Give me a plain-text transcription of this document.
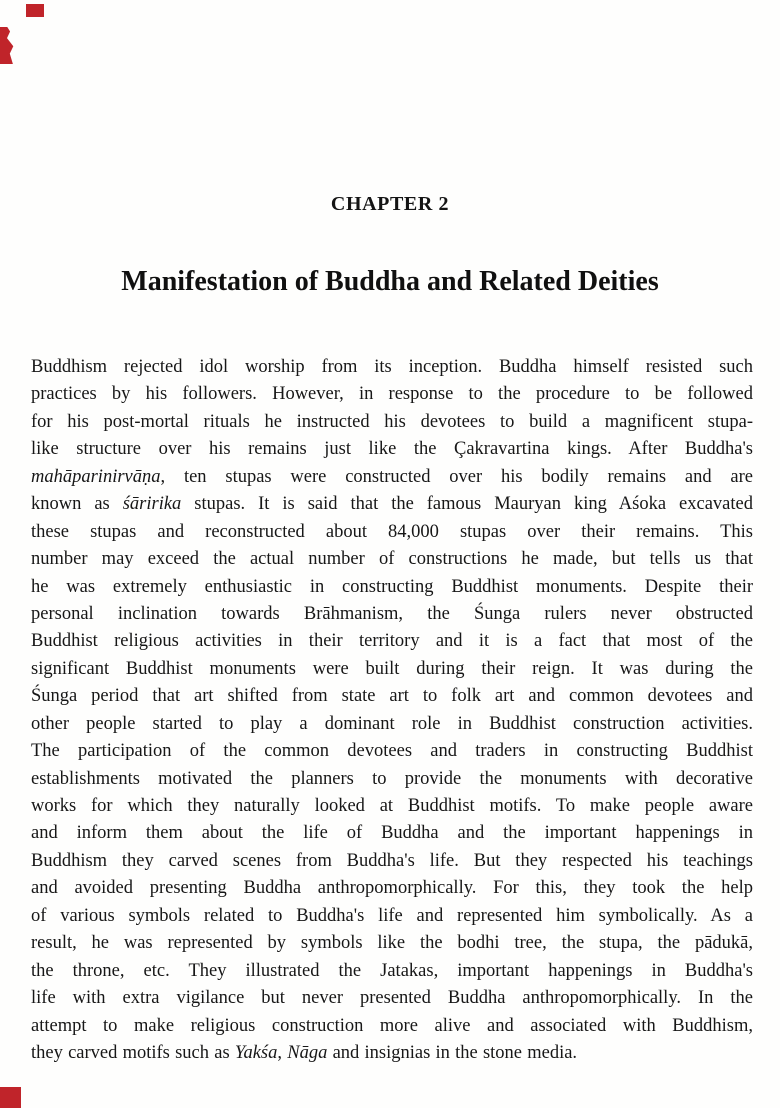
CHAPTER 2
Manifestation of Buddha and Related Deities
Buddhism rejected idol worship from its inception. Buddha himself resisted such
practices by his followers. However, in response to the procedure to be followed
for his post-mortal rituals he instructed his devotees to build a magnificent stupa-
like structure over his remains just like the Çakravartina kings. After Buddha's
mahāparinirvāṇa, ten stupas were constructed over his bodily remains and are
known as śāririka stupas. It is said that the famous Mauryan king Aśoka excavated
these stupas and reconstructed about 84,000 stupas over their remains. This
number may exceed the actual number of constructions he made, but tells us that
he was extremely enthusiastic in constructing Buddhist monuments. Despite their
personal inclination towards Brāhmanism, the Śunga rulers never obstructed
Buddhist religious activities in their territory and it is a fact that most of the
significant Buddhist monuments were built during their reign. It was during the
Śunga period that art shifted from state art to folk art and common devotees and
other people started to play a dominant role in Buddhist construction activities.
The participation of the common devotees and traders in constructing Buddhist
establishments motivated the planners to provide the monuments with decorative
works for which they naturally looked at Buddhist motifs. To make people aware
and inform them about the life of Buddha and the important happenings in
Buddhism they carved scenes from Buddha's life. But they respected his teachings
and avoided presenting Buddha anthropomorphically. For this, they took the help
of various symbols related to Buddha's life and represented him symbolically. As a
result, he was represented by symbols like the bodhi tree, the stupa, the pādukā,
the throne, etc. They illustrated the Jatakas, important happenings in Buddha's
life with extra vigilance but never presented Buddha anthropomorphically. In the
attempt to make religious construction more alive and associated with Buddhism,
they carved motifs such as Yakśa, Nāga and insignias in the stone media.
